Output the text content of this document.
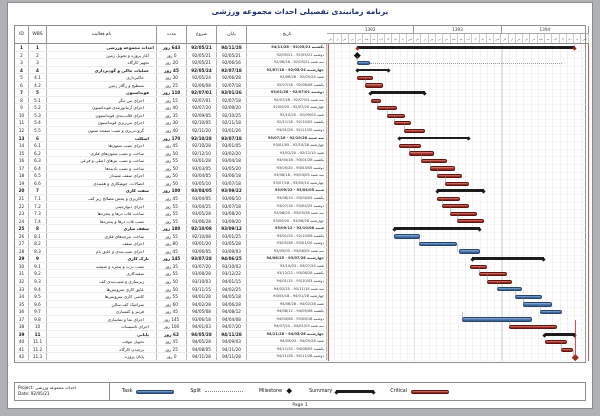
برنامه زمانبندی تفصیلی احداث مجموعه ورزشی
ID	WBS	نام فعالیت	مدت	شروع	پایان	تاریخ
1	1	احداث مجموعه ورزشی	643 روز	92/05/21	94/11/28	یکشنبه 92/05/21 - 94/11/28
2	2	آغاز پروژه و تحویل زمین	0 روز	92/05/21	92/05/21	دوشنبه 92/05/21 - 92/05/21
3	3	تجهیز کارگاه	20 روز	92/05/21	92/06/16	سه شنبه 92/05/21 - 92/06/16
4	4	عملیات خاکی و گودبرداری	45 روز	92/05/24	92/07/18	چهارشنبه 92/05/24 - 92/07/18
5	4.1	خاکبرداری	30 روز	92/05/24	92/06/28	شنبه 92/05/24 - 92/06/28
6	4.2	تسطیح و رگلاژ زمین	25 روز	92/06/08	92/07/18	یکشنبه 92/06/08 - 92/07/18
7	5	فونداسیون	110 روز	92/07/01	93/01/26	دوشنبه 92/07/01 - 93/01/26
8	5.1	اجرای بتن مگر	15 روز	92/07/01	92/07/18	سه شنبه 92/07/01 - 92/07/18
9	5.2	اجرای آرماتوربندی فونداسیون	40 روز	92/07/20	92/09/20	چهارشنبه 92/07/20 - 92/09/20
10	5.3	اجرای قالب‌بندی فونداسیون	35 روز	92/09/05	92/10/25	شنبه 92/09/05 - 92/10/25
11	5.4	اجرای بتن‌ریزی فونداسیون	30 روز	92/10/05	92/11/18	یکشنبه 92/10/05 - 92/11/18
12	5.5	گروت‌ریزی و نصب صفحه ستون	40 روز	92/11/20	93/01/26	دوشنبه 92/11/20 - 93/01/26
13	6	اسکلت	170 روز	92/10/28	93/07/18	سه شنبه 92/10/28 - 93/07/18
14	6.1	اجرای نصب ستون‌ها	45 روز	92/10/28	93/01/05	چهارشنبه 92/10/28 - 93/01/05
15	6.2	ساخت و نصب ستون‌های فلزی	50 روز	92/12/10	93/02/20	شنبه 92/12/10 - 93/02/20
16	6.3	ساخت و نصب تیرهای اصلی و فرعی	55 روز	93/01/28	93/04/18	یکشنبه 93/01/28 - 93/04/18
17	6.4	ساخت و نصب بادبندها	50 روز	93/03/05	93/05/20	دوشنبه 93/03/05 - 93/05/20
18	6.5	اجرای سقف شیبدار	50 روز	93/04/05	93/06/18	سه شنبه 93/04/05 - 93/06/18
19	6.6	اتصالات، جوشکاری و همبندی	50 روز	93/05/10	93/07/18	چهارشنبه 93/05/10 - 93/07/18
20	7	سفت کاری	100 روز	93/04/05	93/09/22	شنبه 93/04/05 - 93/09/22
21	7.1	خاکریزی و پخش مصالح زیر کف	45 روز	93/04/05	93/06/10	یکشنبه 93/04/05 - 93/06/10
22	7.2	اجرای دیوارچینی	55 روز	93/04/25	93/07/18	دوشنبه 93/04/25 - 93/07/18
23	7.3	ساخت قاب درها و پنجره‌ها	55 روز	93/05/28	93/08/20	سه شنبه 93/05/28 - 93/08/20
24	7.4	نصب قاب درها و پنجره‌ها	55 روز	93/06/28	93/09/20	چهارشنبه 93/06/28 - 93/09/20
25	8	سقف سازی	180 روز	92/10/08	93/09/12	شنبه 92/10/08 - 93/09/12
26	8.1	ساخت تیرچه‌های فلزی	55 روز	92/10/08	93/01/25	یکشنبه 92/10/08 - 93/01/25
27	8.2	اجرای سقف	80 روز	93/01/20	93/05/28	دوشنبه 93/01/20 - 93/05/28
28	8.3	اجرای شیب‌بندی و عایق بام	45 روز	93/06/05	93/09/03	سه شنبه 93/06/05 - 93/09/03
29	9	نازک کاری	145 روز	93/07/28	94/06/25	چهارشنبه 93/07/28 - 94/06/25
30	9.1	نصب درب و پنجره و شیشه	35 روز	93/07/20	93/10/03	شنبه 93/07/20 - 93/10/03
31	9.2	سفیدکاری	55 روز	93/08/28	93/12/22	یکشنبه 93/08/28 - 93/12/22
32	9.3	زیرسازی و شیب‌بندی کف	50 روز	93/10/03	94/01/15	دوشنبه 93/10/03 - 94/01/15
33	9.4	عایق کاری سرویس‌ها	50 روز	93/11/15	94/02/25	سه شنبه 93/11/15 - 94/02/25
34	9.5	کاشی کاری سرویس‌ها	55 روز	94/01/28	94/05/18	چهارشنبه 94/01/28 - 94/05/18
35	9.6	سرامیک کف سالن	60 روز	94/02/28	94/06/28	شنبه 94/02/28 - 94/06/28
36	9.7	قرنیز و کفسازی	45 روز	94/05/08	94/08/12	یکشنبه 94/05/08 - 94/08/12
37	9.8	اجرای نما و نماسازی	145 روز	93/06/18	94/04/08	دوشنبه 93/06/18 - 94/04/08
38	10	اجرای تاسیسات	100 روز	94/01/03	94/07/20	سه شنبه 94/01/03 - 94/07/20
39	11	پایانی	62 روز	94/05/28	94/11/28	چهارشنبه 94/05/28 - 94/11/28
40	11.1	تحویل موقت	45 روز	94/05/28	94/09/03	شنبه 94/05/28 - 94/09/03
41	11.2	برچیدن کارگاه	25 روز	94/08/05	94/11/20	یکشنبه 94/08/05 - 94/11/20
42	11.3	پایان پروژه	0 روز	94/11/28	94/11/28	دوشنبه 94/11/28 - 94/11/28
1392	1393	1394
فر	ار	خر	تی	مر	شه	مه	آب	آذ	دی	به	اس	فر	ار	خر	تی	مر	شه	مه	آب	آذ	دی	به	اس	فر	ار	خر	تی	مر	شه	مه	آب	آذ	دی	به	اس
Project: احداث مجموعه ورزشی
Date: 92/05/21	Task	Split	Milestone	Summary	Critical
Page 1
